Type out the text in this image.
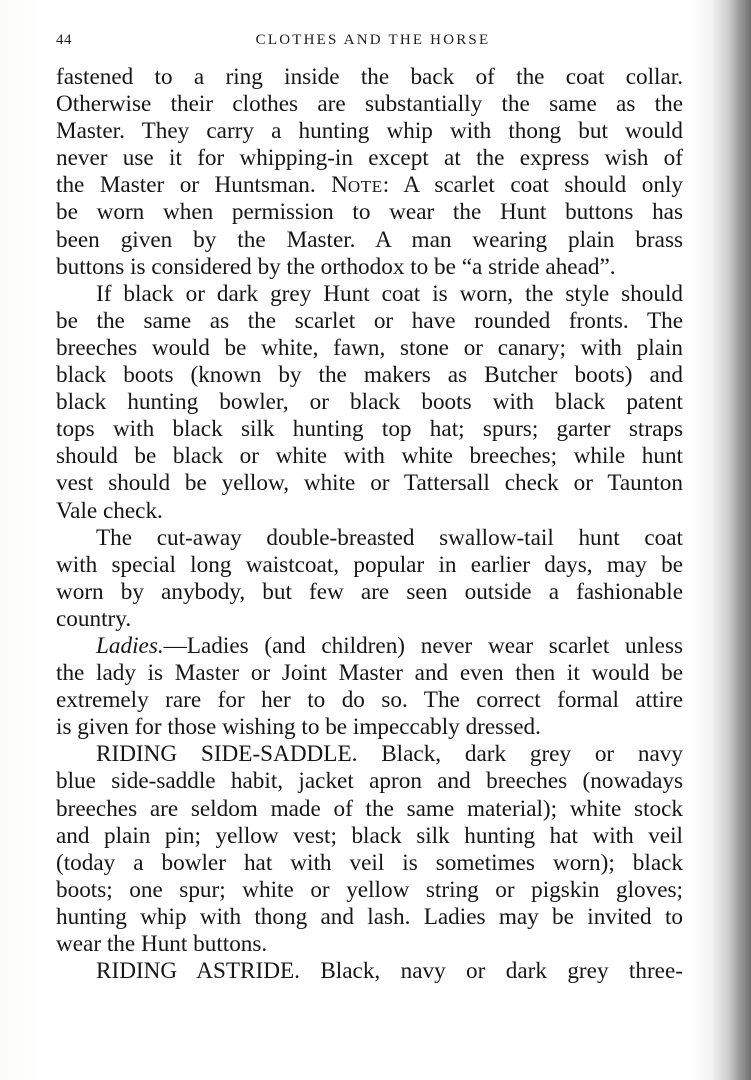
44	CLOTHES AND THE HORSE
fastened to a ring inside the back of the coat collar.
Otherwise their clothes are substantially the same as the
Master. They carry a hunting whip with thong but would
never use it for whipping-in except at the express wish of
the Master or Huntsman. NOTE: A scarlet coat should only
be worn when permission to wear the Hunt buttons has
been given by the Master. A man wearing plain brass
buttons is considered by the orthodox to be “a stride ahead”.
If black or dark grey Hunt coat is worn, the style should
be the same as the scarlet or have rounded fronts. The
breeches would be white, fawn, stone or canary; with plain
black boots (known by the makers as Butcher boots) and
black hunting bowler, or black boots with black patent
tops with black silk hunting top hat; spurs; garter straps
should be black or white with white breeches; while hunt
vest should be yellow, white or Tattersall check or Taunton
Vale check.
The cut-away double-breasted swallow-tail hunt coat
with special long waistcoat, popular in earlier days, may be
worn by anybody, but few are seen outside a fashionable
country.
Ladies.—Ladies (and children) never wear scarlet unless
the lady is Master or Joint Master and even then it would be
extremely rare for her to do so. The correct formal attire
is given for those wishing to be impeccably dressed.
RIDING SIDE-SADDLE. Black, dark grey or navy
blue side-saddle habit, jacket apron and breeches (nowadays
breeches are seldom made of the same material); white stock
and plain pin; yellow vest; black silk hunting hat with veil
(today a bowler hat with veil is sometimes worn); black
boots; one spur; white or yellow string or pigskin gloves;
hunting whip with thong and lash. Ladies may be invited to
wear the Hunt buttons.
RIDING ASTRIDE. Black, navy or dark grey three-
